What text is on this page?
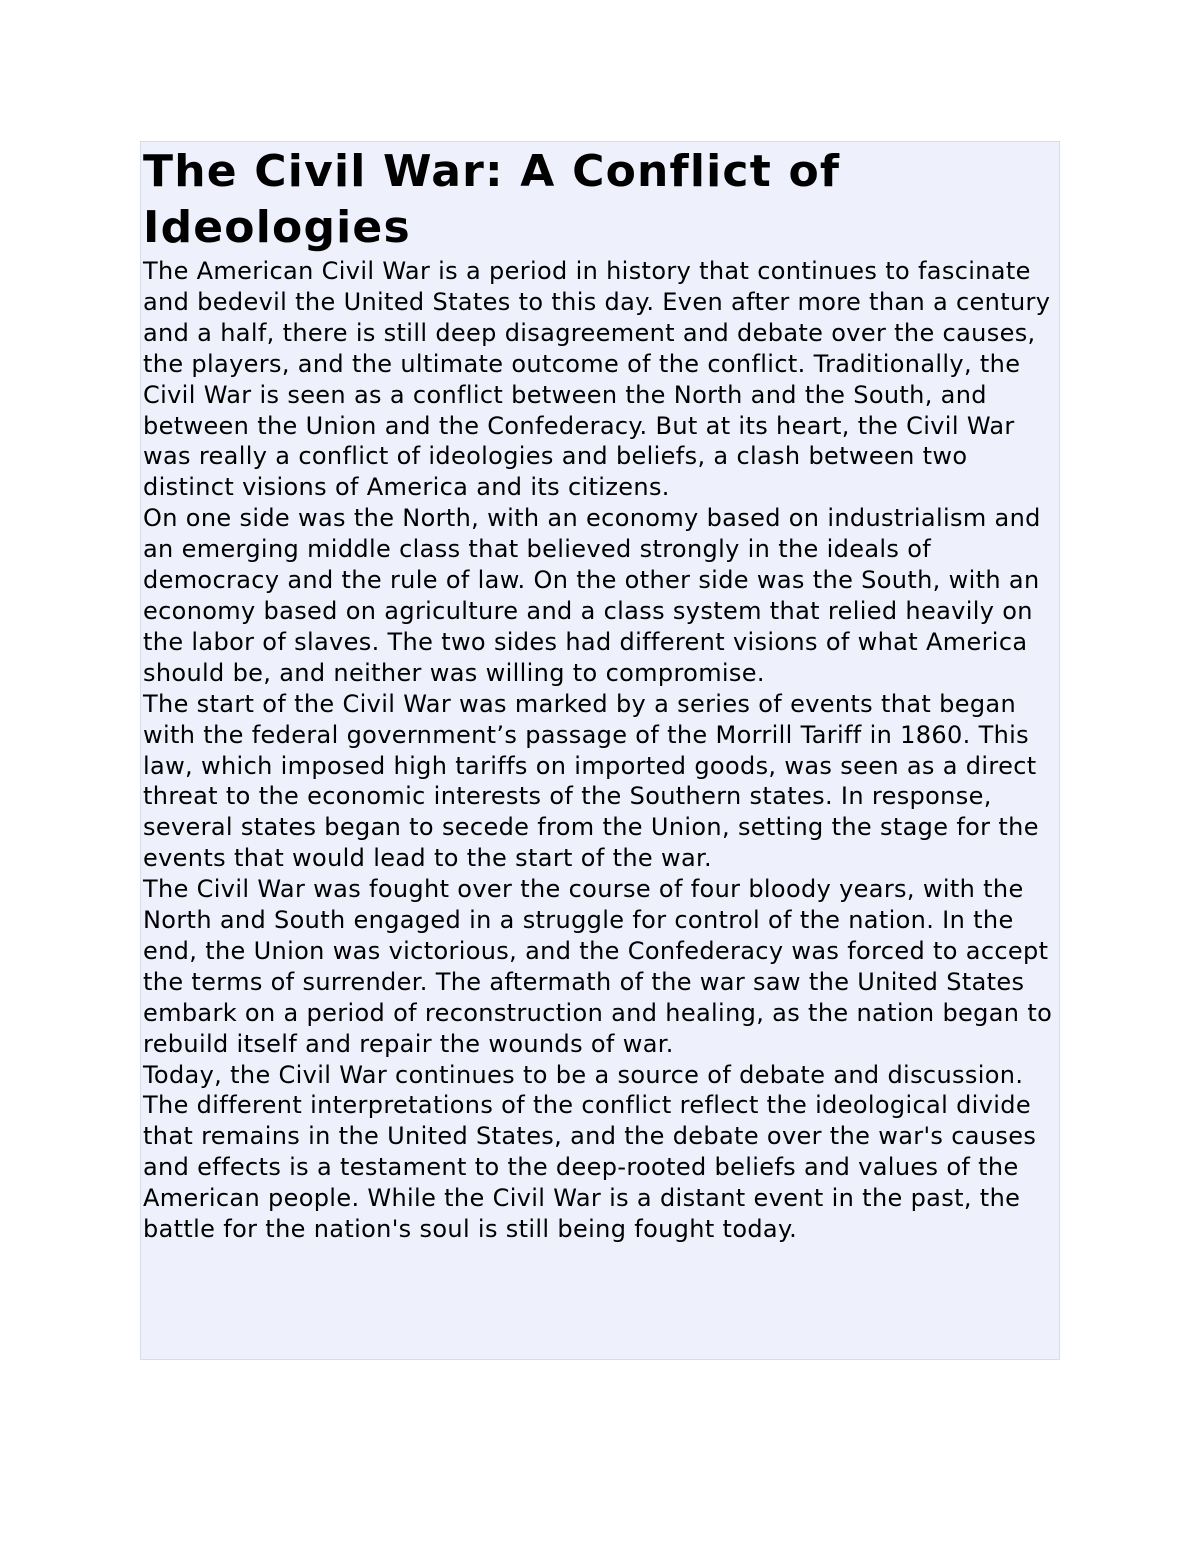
The Civil War: A Conflict of Ideologies

The American Civil War is a period in history that continues to fascinate and bedevil the United States to this day. Even after more than a century and a half, there is still deep disagreement and debate over the causes, the players, and the ultimate outcome of the conflict. Traditionally, the Civil War is seen as a conflict between the North and the South, and between the Union and the Confederacy. But at its heart, the Civil War was really a conflict of ideologies and beliefs, a clash between two distinct visions of America and its citizens.

On one side was the North, with an economy based on industrialism and an emerging middle class that believed strongly in the ideals of democracy and the rule of law. On the other side was the South, with an economy based on agriculture and a class system that relied heavily on the labor of slaves. The two sides had different visions of what America should be, and neither was willing to compromise.

The start of the Civil War was marked by a series of events that began with the federal government’s passage of the Morrill Tariff in 1860. This law, which imposed high tariffs on imported goods, was seen as a direct threat to the economic interests of the Southern states. In response, several states began to secede from the Union, setting the stage for the events that would lead to the start of the war.

The Civil War was fought over the course of four bloody years, with the North and South engaged in a struggle for control of the nation. In the end, the Union was victorious, and the Confederacy was forced to accept the terms of surrender. The aftermath of the war saw the United States embark on a period of reconstruction and healing, as the nation began to rebuild itself and repair the wounds of war.

Today, the Civil War continues to be a source of debate and discussion. The different interpretations of the conflict reflect the ideological divide that remains in the United States, and the debate over the war's causes and effects is a testament to the deep-rooted beliefs and values of the American people. While the Civil War is a distant event in the past, the battle for the nation's soul is still being fought today.
